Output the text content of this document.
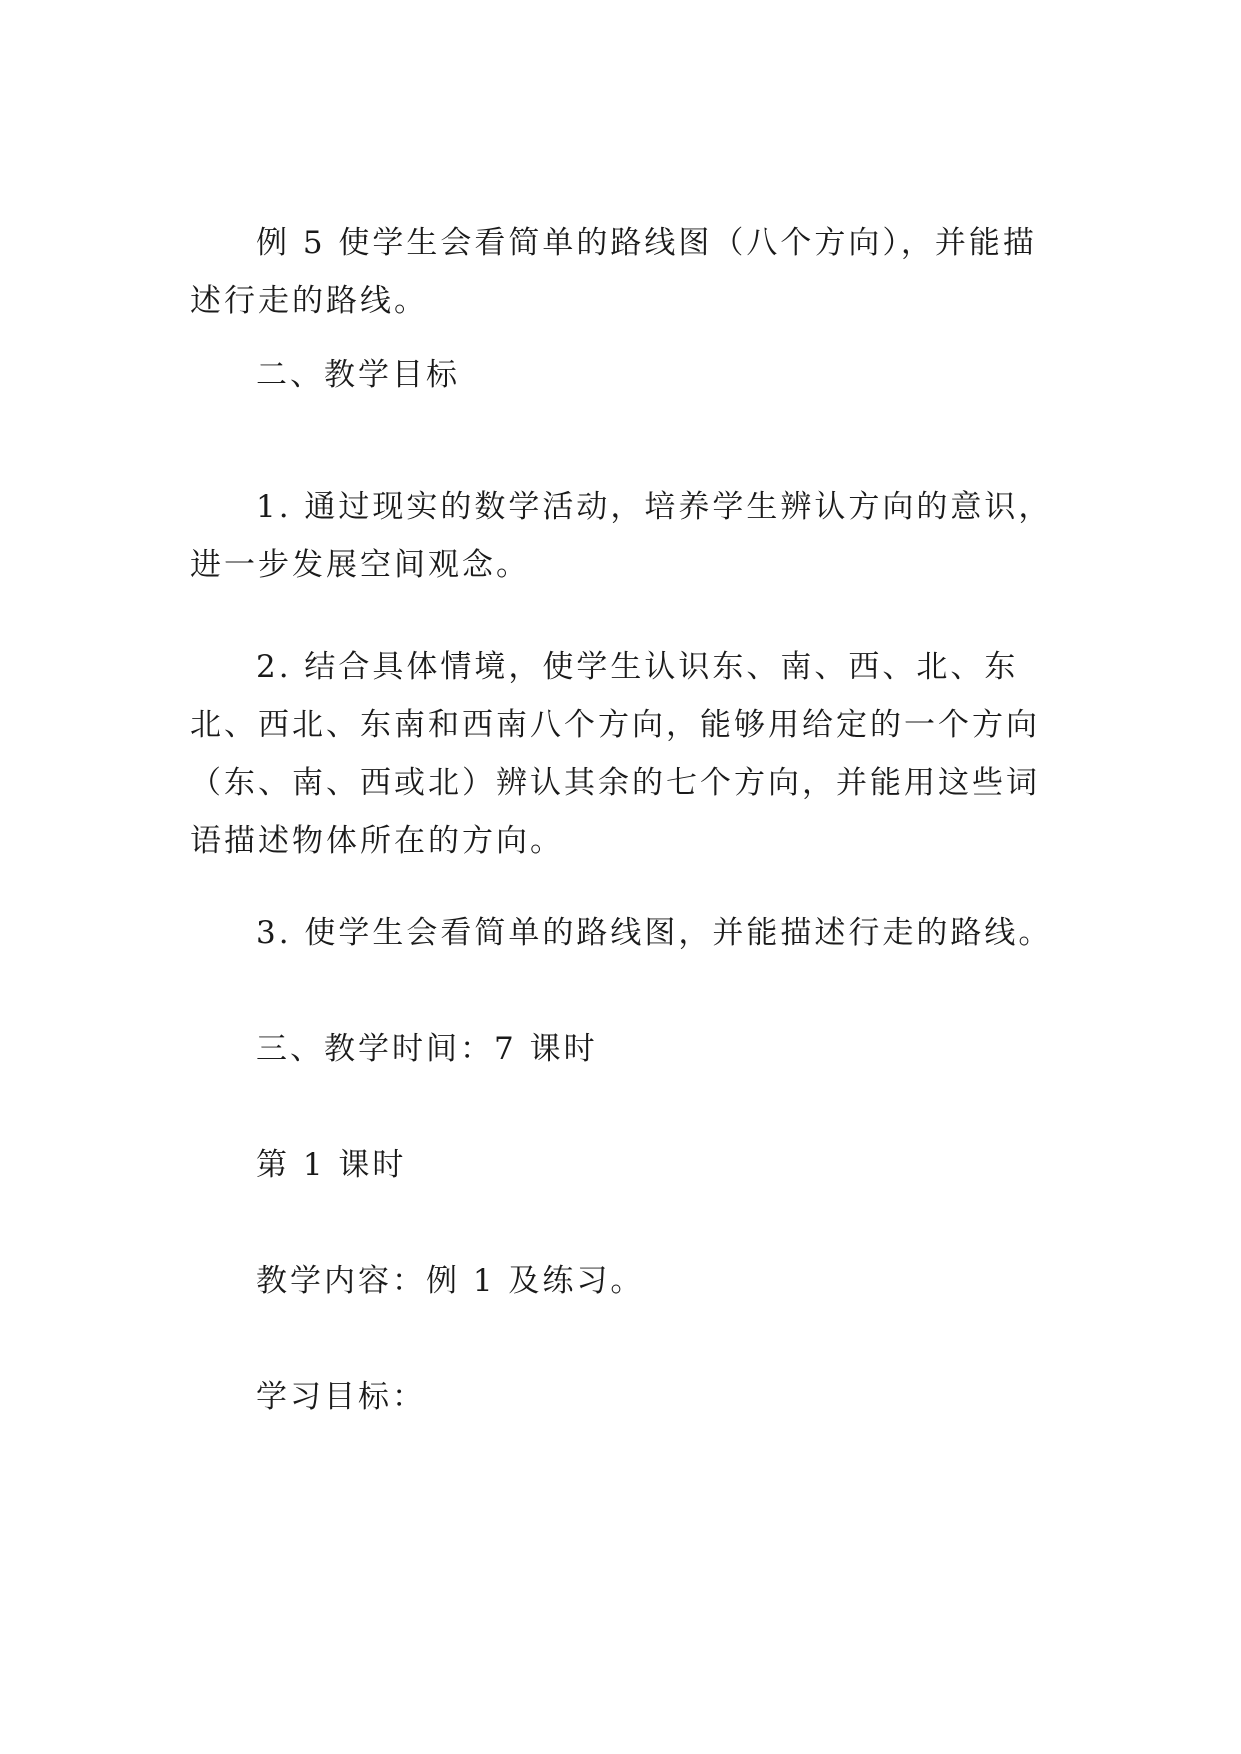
例 5 使学生会看简单的路线图（八个方向），并能描述行走的路线。

二、教学目标

1. 通过现实的数学活动，培养学生辨认方向的意识，进一步发展空间观念。

2. 结合具体情境，使学生认识东、南、西、北、东北、西北、东南和西南八个方向，能够用给定的一个方向（东、南、西或北）辨认其余的七个方向，并能用这些词语描述物体所在的方向。

3. 使学生会看简单的路线图，并能描述行走的路线。

三、教学时间：7 课时

第 1 课时

教学内容：例 1 及练习。

学习目标：
